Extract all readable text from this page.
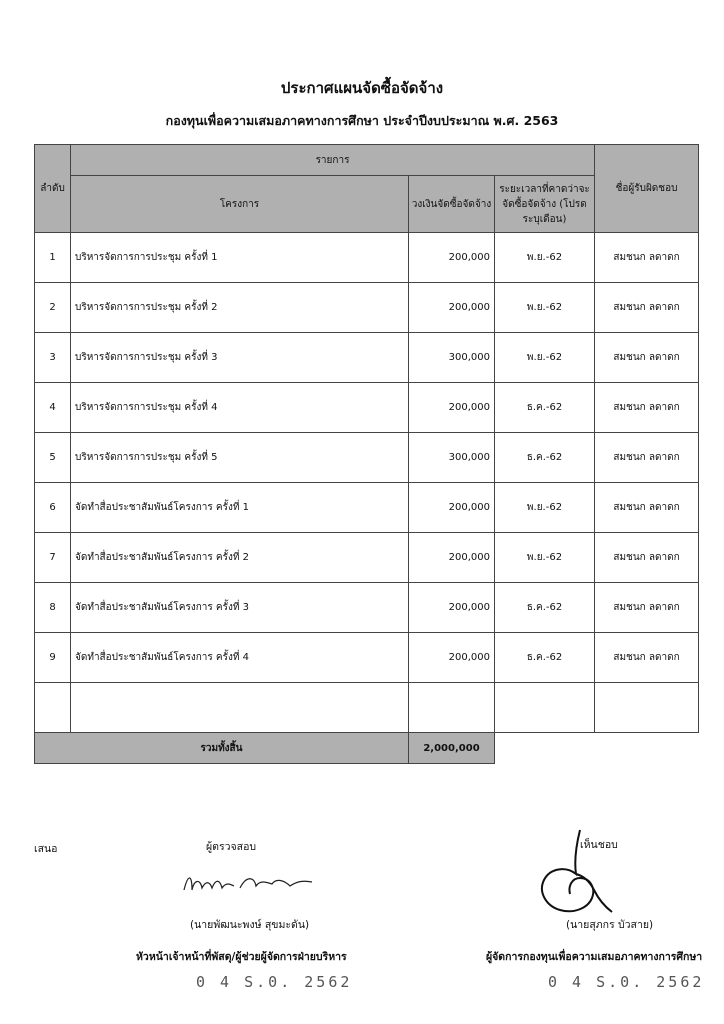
ประกาศแผนจัดซื้อจัดจ้าง
กองทุนเพื่อความเสมอภาคทางการศึกษา ประจำปีงบประมาณ พ.ศ. 2563
ลำดับ	รายการ			ชื่อผู้รับผิดชอบ
	โครงการ	วงเงินจัดซื้อจัดจ้าง	ระยะเวลาที่คาดว่าจะจัดซื้อจัดจ้าง (โปรดระบุเดือน)	
1	บริหารจัดการการประชุม ครั้งที่ 1	200,000	พ.ย.-62	สมชนก ลดาดก
2	บริหารจัดการการประชุม ครั้งที่ 2	200,000	พ.ย.-62	สมชนก ลดาดก
3	บริหารจัดการการประชุม ครั้งที่ 3	300,000	พ.ย.-62	สมชนก ลดาดก
4	บริหารจัดการการประชุม ครั้งที่ 4	200,000	ธ.ค.-62	สมชนก ลดาดก
5	บริหารจัดการการประชุม ครั้งที่ 5	300,000	ธ.ค.-62	สมชนก ลดาดก
6	จัดทำสื่อประชาสัมพันธ์โครงการ ครั้งที่ 1	200,000	พ.ย.-62	สมชนก ลดาดก
7	จัดทำสื่อประชาสัมพันธ์โครงการ ครั้งที่ 2	200,000	พ.ย.-62	สมชนก ลดาดก
8	จัดทำสื่อประชาสัมพันธ์โครงการ ครั้งที่ 3	200,000	ธ.ค.-62	สมชนก ลดาดก
9	จัดทำสื่อประชาสัมพันธ์โครงการ ครั้งที่ 4	200,000	ธ.ค.-62	สมชนก ลดาดก

รวมทั้งสิ้น		2,000,000		
เสนอ	ผู้ตรวจสอบ
(นายพัฒนะพงษ์ สุขมะดัน)
หัวหน้าเจ้าหน้าที่พัสดุ/ผู้ช่วยผู้จัดการฝ่ายบริหาร
0 4 S.0. 2562
เห็นชอบ
(นายสุภกร บัวสาย)
ผู้จัดการกองทุนเพื่อความเสมอภาคทางการศึกษา
0 4 S.0. 2562
